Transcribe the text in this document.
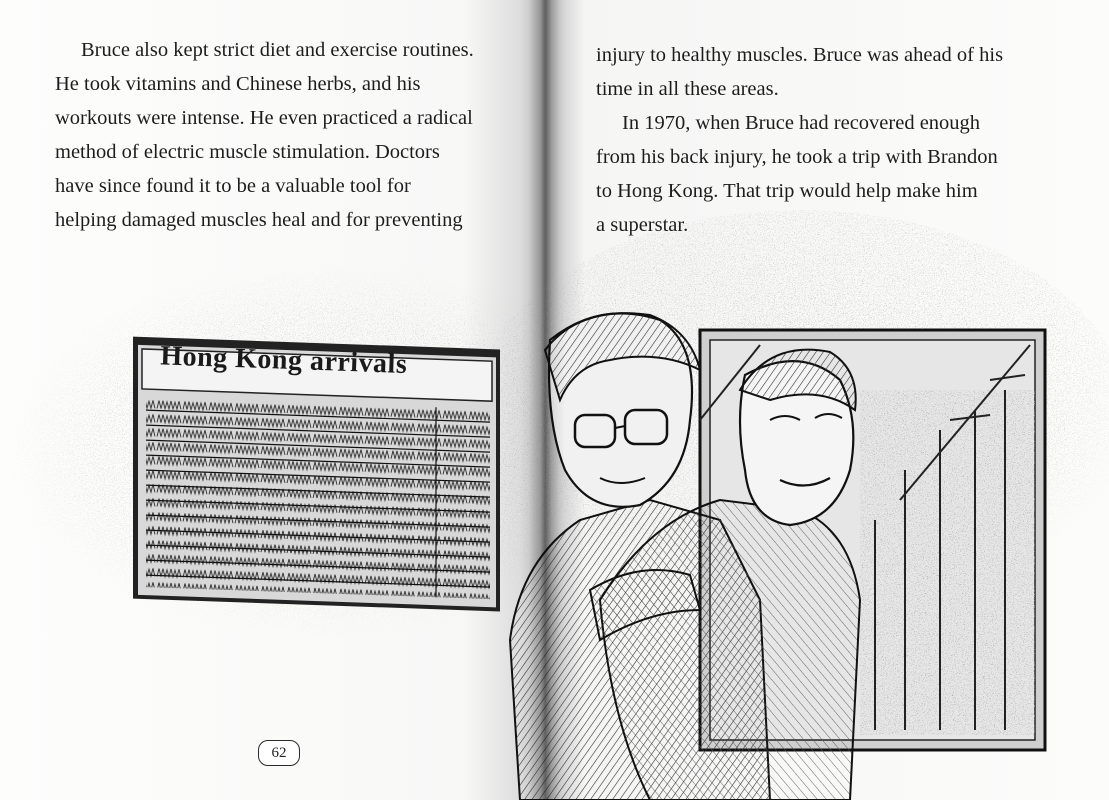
Hong Kong arrivals
Bruce also kept strict diet and exercise routines.
He took vitamins and Chinese herbs, and his
workouts were intense. He even practiced a radical
method of electric muscle stimulation. Doctors
have since found it to be a valuable tool for
helping damaged muscles heal and for preventing
injury to healthy muscles. Bruce was ahead of his
time in all these areas.
In 1970, when Bruce had recovered enough
from his back injury, he took a trip with Brandon
to Hong Kong. That trip would help make him
a superstar.
62
